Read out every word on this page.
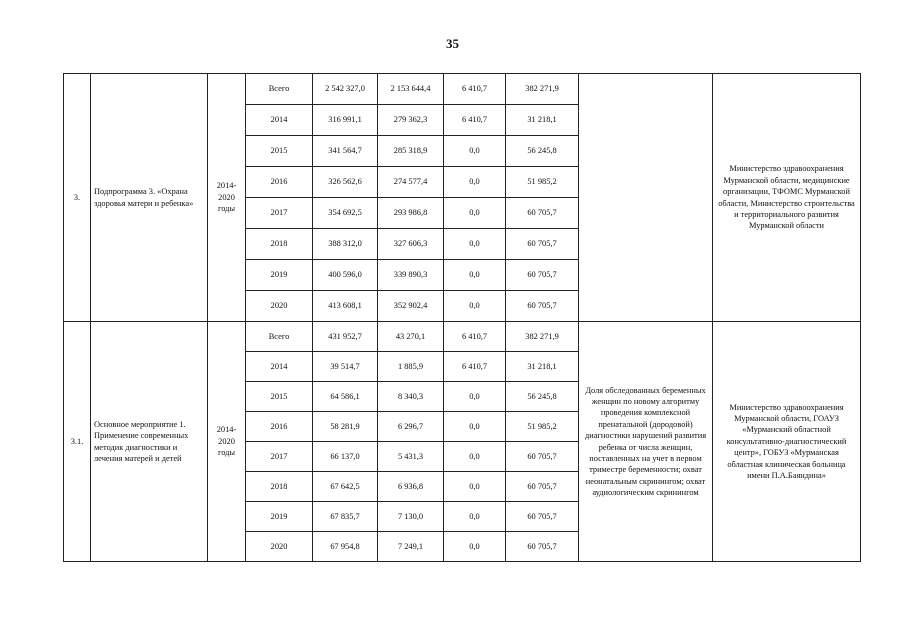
35
3.	Подпрограмма 3. «Охрана здоровья матери и ребенка»	2014-2020 годы	Всего	2 542 327,0	2 153 644,4	6 410,7	382 271,9		Министерство здравоохранения Мурманской области, медицинские организации, ТФОМС Мурманской области, Министерство строительства и территориального развития Мурманской области
			2014	316 991,1	279 362,3	6 410,7	31 218,1		
			2015	341 564,7	285 318,9	0,0	56 245,8		
			2016	326 562,6	274 577,4	0,0	51 985,2		
			2017	354 692,5	293 986,8	0,0	60 705,7		
			2018	388 312,0	327 606,3	0,0	60 705,7		
			2019	400 596,0	339 890,3	0,0	60 705,7		
			2020	413 608,1	352 902,4	0,0	60 705,7		
3.1.	Основное мероприятие 1. Применение современных методик диагностики и лечения матерей и детей	2014-2020 годы	Всего	431 952,7	43 270,1	6 410,7	382 271,9	Доля обследованных беременных женщин по новому алгоритму проведения комплексной пренатальной (дородовой) диагностики нарушений развития ребенка от числа женщин, поставленных на учет в первом триместре беременности; охват неонатальным скринингом; охват аудиологическим скринингом	Министерство здравоохранения Мурманской области, ГОАУЗ «Мурманский областной консультативно-диагностический центр», ГОБУЗ «Мурманская областная клиническая больница имени П.А.Баяндина»
			2014	39 514,7	1 885,9	6 410,7	31 218,1		
			2015	64 586,1	8 340,3	0,0	56 245,8		
			2016	58 281,9	6 296,7	0,0	51 985,2		
			2017	66 137,0	5 431,3	0,0	60 705,7		
			2018	67 642,5	6 936,8	0,0	60 705,7		
			2019	67 835,7	7 130,0	0,0	60 705,7		
			2020	67 954,8	7 249,1	0,0	60 705,7		
